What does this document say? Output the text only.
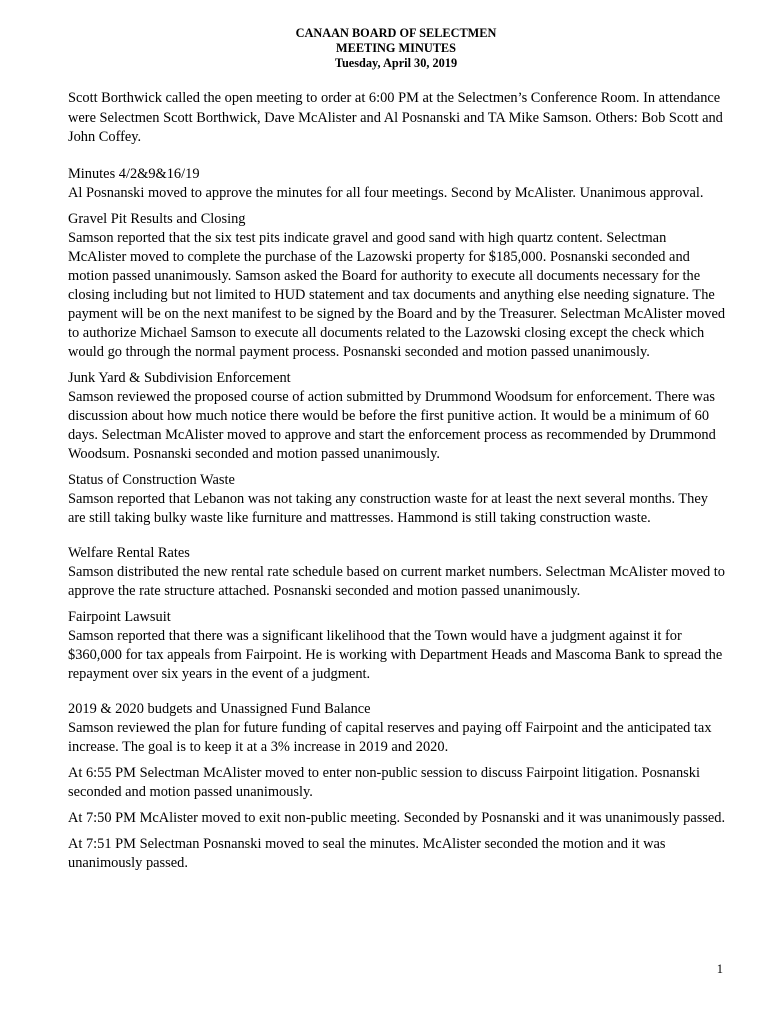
CANAAN BOARD OF SELECTMEN
MEETING MINUTES
Tuesday, April 30, 2019
Scott Borthwick called the open meeting to order at 6:00 PM at the Selectmen’s Conference Room. In attendance were Selectmen Scott Borthwick, Dave McAlister and Al Posnanski and TA Mike Samson. Others: Bob Scott and John Coffey.
Minutes 4/2&9&16/19
Al Posnanski moved to approve the minutes for all four meetings. Second by McAlister. Unanimous approval.
Gravel Pit Results and Closing
Samson reported that the six test pits indicate gravel and good sand with high quartz content. Selectman McAlister moved to complete the purchase of the Lazowski property for $185,000. Posnanski seconded and motion passed unanimously. Samson asked the Board for authority to execute all documents necessary for the closing including but not limited to HUD statement and tax documents and anything else needing signature. The payment will be on the next manifest to be signed by the Board and by the Treasurer. Selectman McAlister moved to authorize Michael Samson to execute all documents related to the Lazowski closing except the check which would go through the normal payment process. Posnanski seconded and motion passed unanimously.
Junk Yard & Subdivision Enforcement
Samson reviewed the proposed course of action submitted by Drummond Woodsum for enforcement. There was discussion about how much notice there would be before the first punitive action. It would be a minimum of 60 days. Selectman McAlister moved to approve and start the enforcement process as recommended by Drummond Woodsum. Posnanski seconded and motion passed unanimously.
Status of Construction Waste
Samson reported that Lebanon was not taking any construction waste for at least the next several months. They are still taking bulky waste like furniture and mattresses. Hammond is still taking construction waste.
Welfare Rental Rates
Samson distributed the new rental rate schedule based on current market numbers. Selectman McAlister moved to approve the rate structure attached. Posnanski seconded and motion passed unanimously.
Fairpoint Lawsuit
Samson reported that there was a significant likelihood that the Town would have a judgment against it for $360,000 for tax appeals from Fairpoint. He is working with Department Heads and Mascoma Bank to spread the repayment over six years in the event of a judgment.
2019 & 2020 budgets and Unassigned Fund Balance
Samson reviewed the plan for future funding of capital reserves and paying off Fairpoint and the anticipated tax increase. The goal is to keep it at a 3% increase in 2019 and 2020.
At 6:55 PM Selectman McAlister moved to enter non-public session to discuss Fairpoint litigation. Posnanski seconded and motion passed unanimously.
At 7:50 PM McAlister moved to exit non-public meeting. Seconded by Posnanski and it was unanimously passed.
At 7:51 PM Selectman Posnanski moved to seal the minutes. McAlister seconded the motion and it was unanimously passed.
1
